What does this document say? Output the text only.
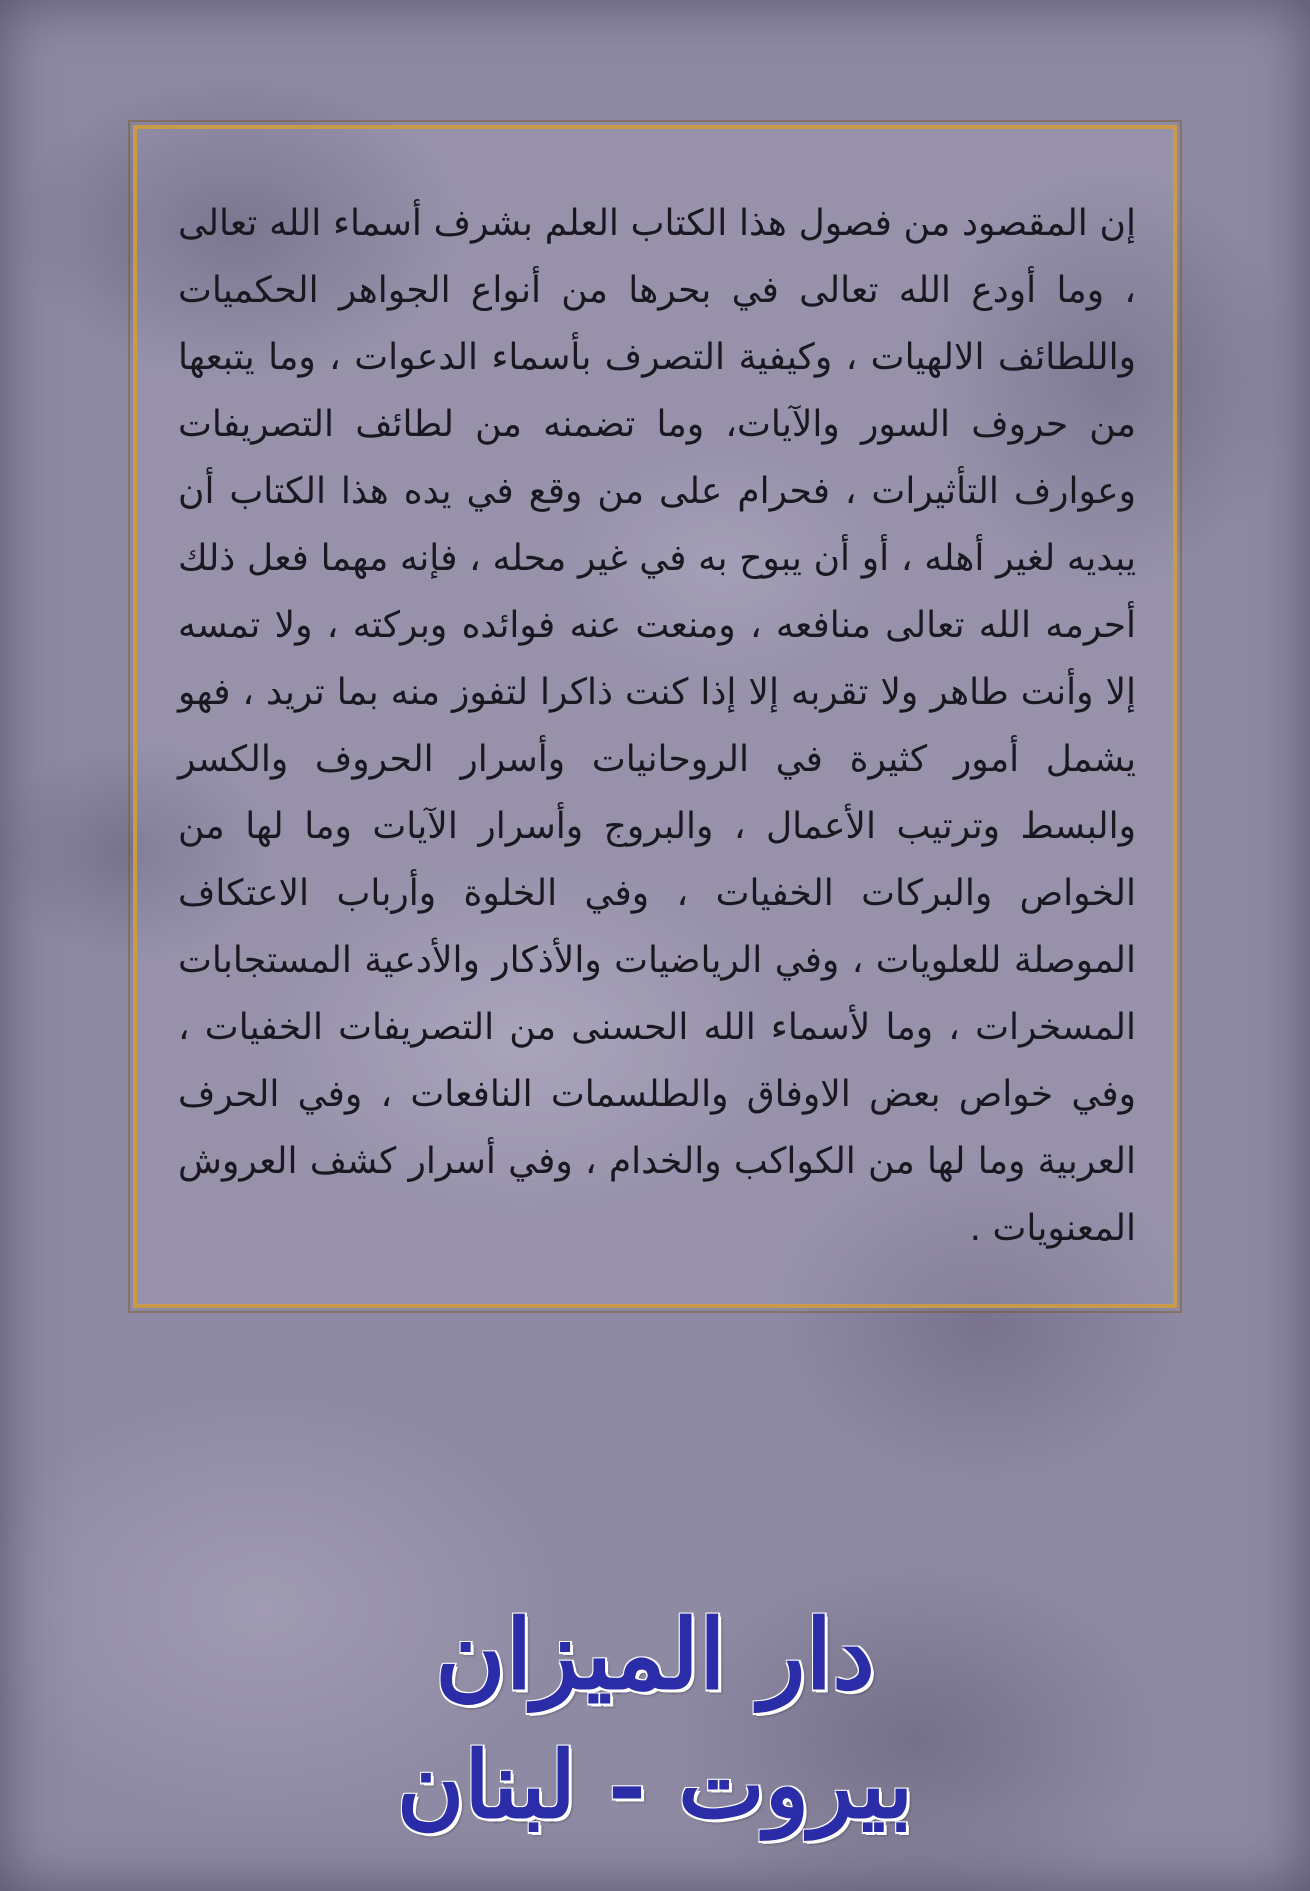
إن المقصود من فصول هذا الكتاب العلم بشرف أسماء الله تعالى ، وما أودع الله تعالى في بحرها من أنواع الجواهر الحكميات واللطائف الالهيات ، وكيفية التصرف بأسماء الدعوات ، وما يتبعها من حروف السور والآيات، وما تضمنه من لطائف التصريفات وعوارف التأثيرات ، فحرام على من وقع في يده هذا الكتاب أن يبديه لغير أهله ، أو أن يبوح به في غير محله ، فإنه مهما فعل ذلك أحرمه الله تعالى منافعه ، ومنعت عنه فوائده وبركته ، ولا تمسه إلا وأنت طاهر ولا تقربه إلا إذا كنت ذاكرا لتفوز منه بما تريد ، فهو يشمل أمور كثيرة في الروحانيات وأسرار الحروف والكسر والبسط وترتيب الأعمال ، والبروج وأسرار الآيات وما لها من الخواص والبركات الخفيات ، وفي الخلوة وأرباب الاعتكاف الموصلة للعلويات ، وفي الرياضيات والأذكار والأدعية المستجابات المسخرات ، وما لأسماء الله الحسنى من التصريفات الخفيات ، وفي خواص بعض الاوفاق والطلسمات النافعات ، وفي الحرف العربية وما لها من الكواكب والخدام ، وفي أسرار كشف العروش المعنويات .

دار الميزان

بيروت - لبنان
